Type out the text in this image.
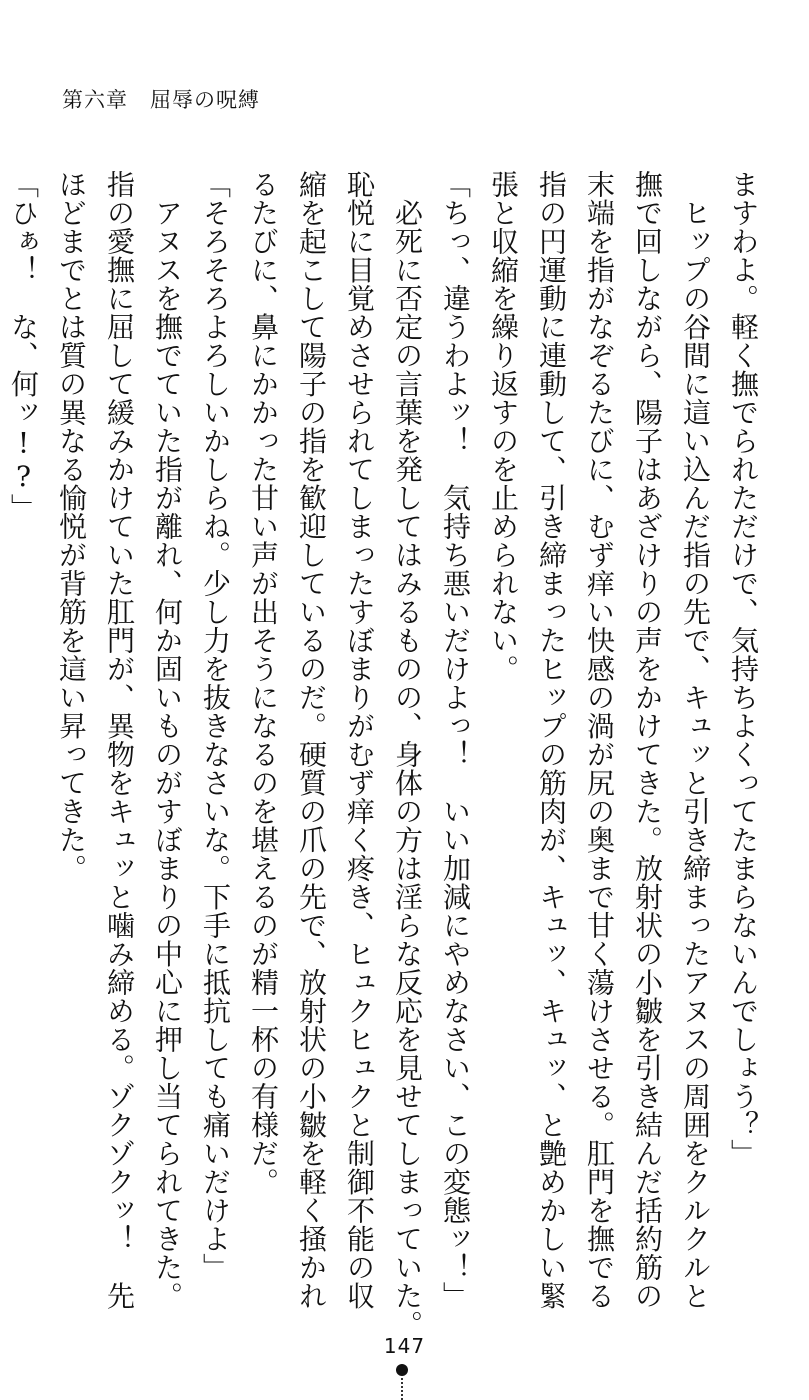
第六章　屈辱の呪縛
ますわよ。軽く撫でられただけで、気持ちよくってたまらないんでしょう？」
　ヒップの谷間に這い込んだ指の先で、キュッと引き締まったアヌスの周囲をクルクルと
撫で回しながら、陽子はあざけりの声をかけてきた。放射状の小皺を引き結んだ括約筋の
末端を指がなぞるたびに、むず痒い快感の渦が尻の奥まで甘く蕩けさせる。肛門を撫でる
指の円運動に連動して、引き締まったヒップの筋肉が、キュッ、キュッ、と艶めかしい緊
張と収縮を繰り返すのを止められない。
「ちっ、違うわよッ！　気持ち悪いだけよっ！　いい加減にやめなさい、この変態ッ！」
　必死に否定の言葉を発してはみるものの、身体の方は淫らな反応を見せてしまっていた。
恥悦に目覚めさせられてしまったすぼまりがむず痒く疼き、ヒュクヒュクと制御不能の収
縮を起こして陽子の指を歓迎しているのだ。硬質の爪の先で、放射状の小皺を軽く掻かれ
るたびに、鼻にかかった甘い声が出そうになるのを堪えるのが精一杯の有様だ。
「そろそろよろしいかしらね。少し力を抜きなさいな。下手に抵抗しても痛いだけよ」
　アヌスを撫でていた指が離れ、何か固いものがすぼまりの中心に押し当てられてきた。
指の愛撫に屈して緩みかけていた肛門が、異物をキュッと噛み締める。ゾクゾクッ！　先
ほどまでとは質の異なる愉悦が背筋を這い昇ってきた。
「ひぁ！　な、何ッ!?」
147
